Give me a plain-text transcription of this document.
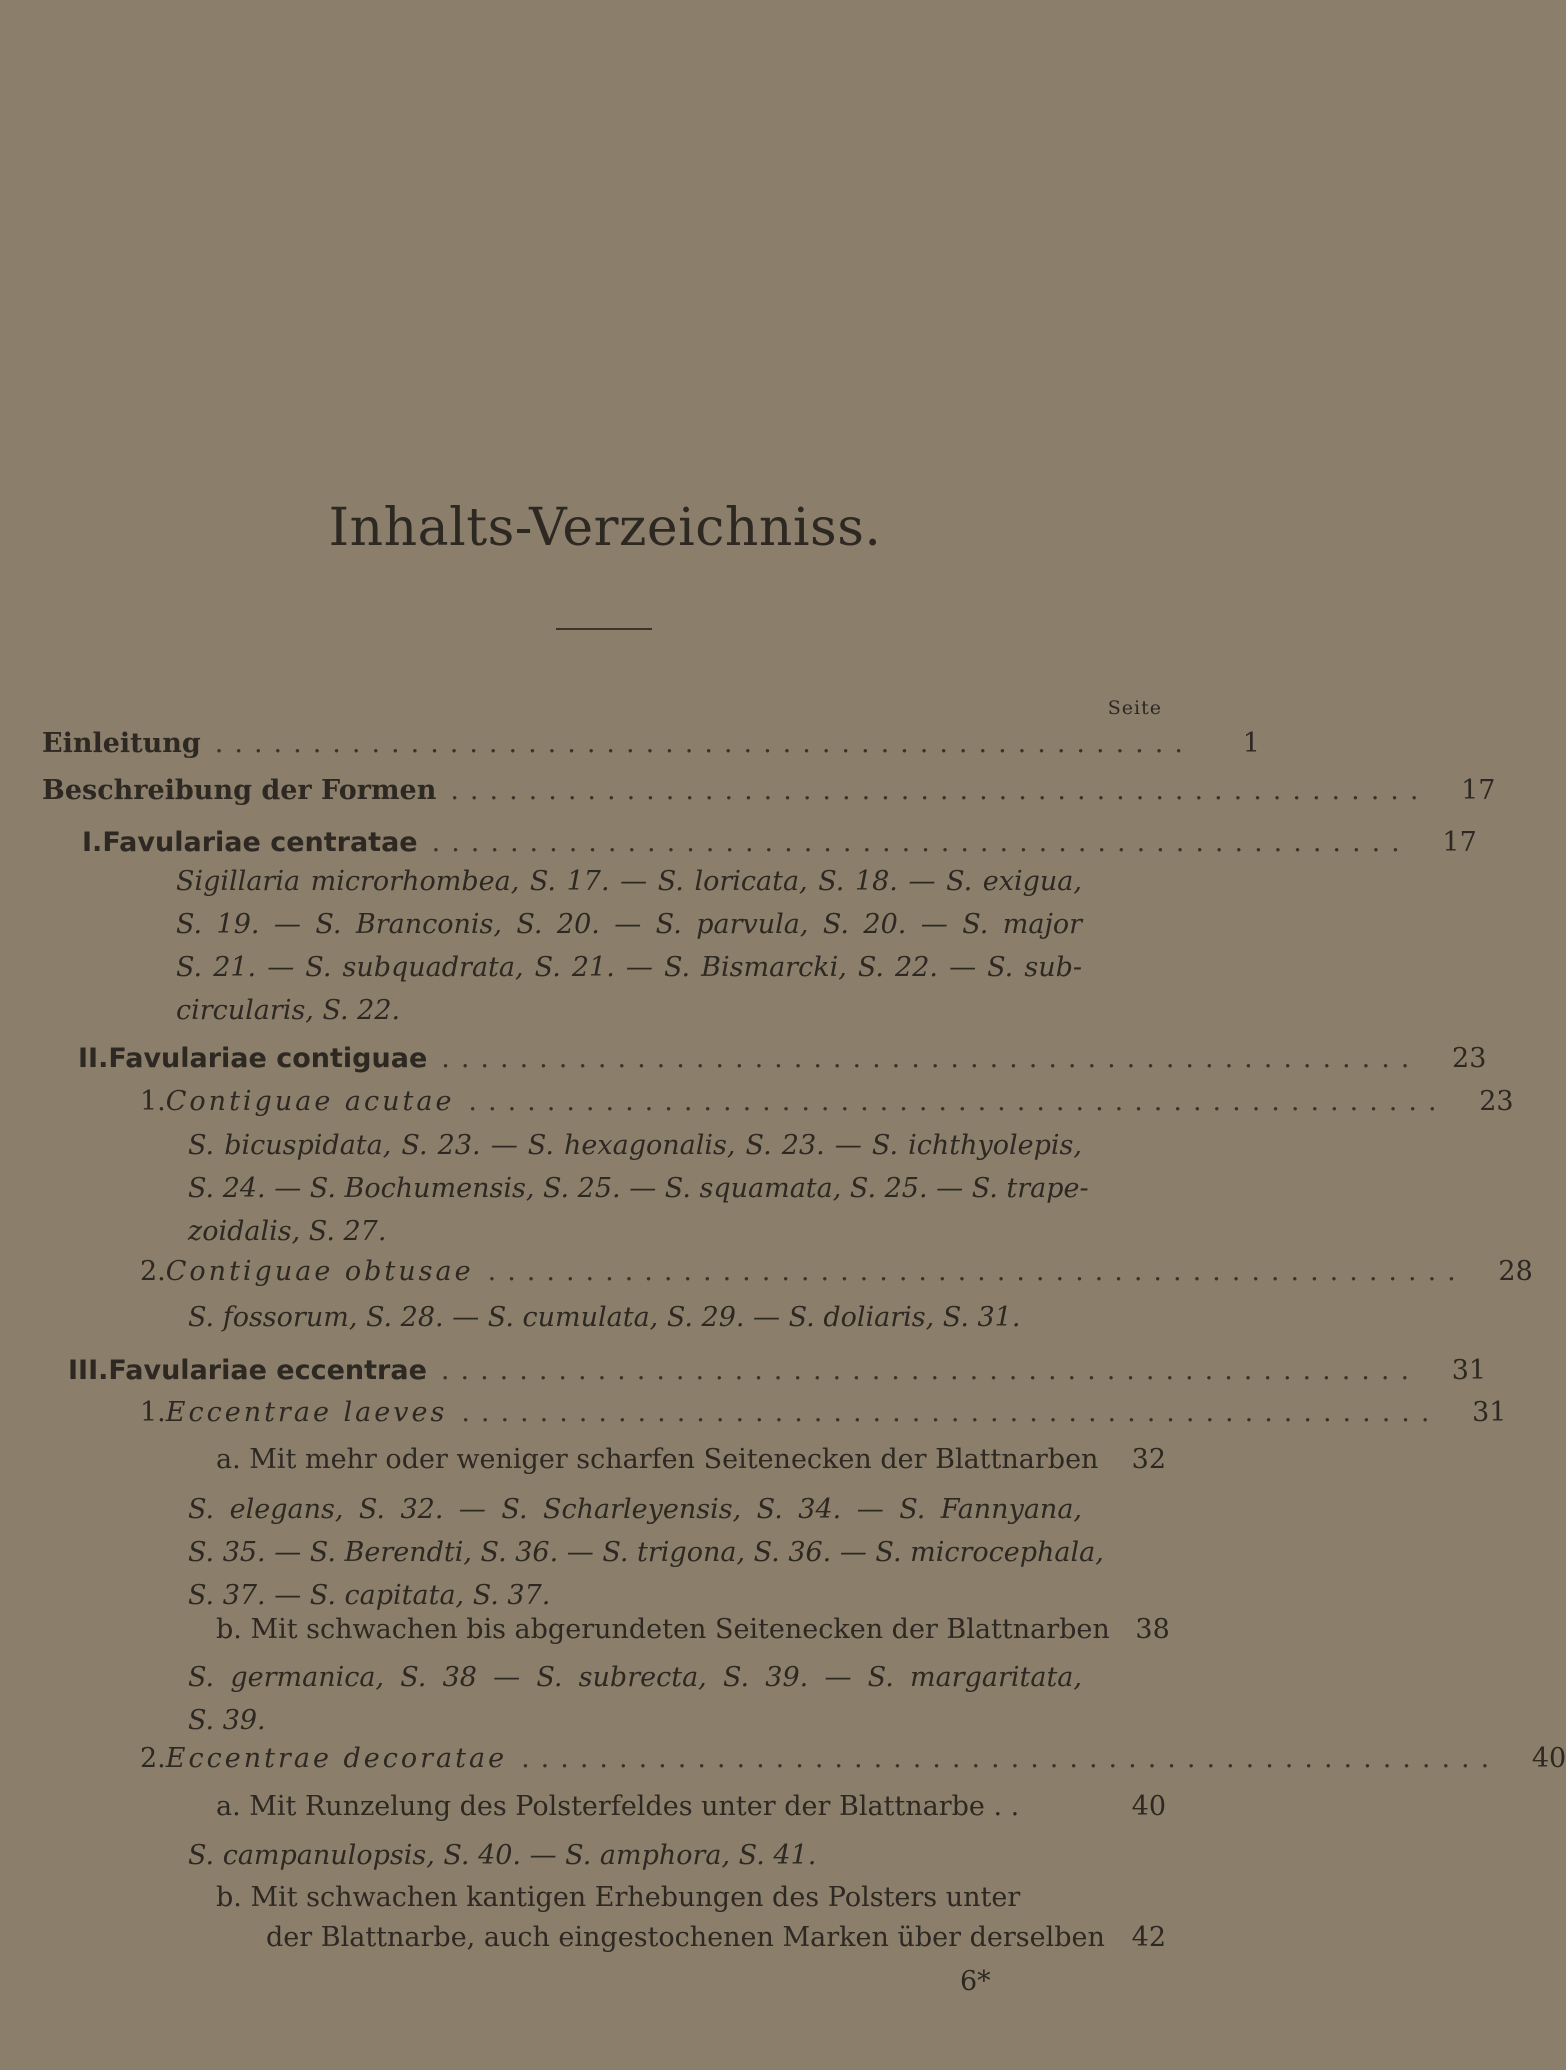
Inhalts-Verzeichniss.
Seite
Einleitung ..................................................	1
Beschreibung der Formen ..................................................	17
I. Favulariae centratae ..................................................	17
Sigillaria microrhombea, S. 17. — S. loricata, S. 18. — S. exigua,
S. 19. — S. Branconis, S. 20. — S. parvula, S. 20. — S. major
S. 21. — S. subquadrata, S. 21. — S. Bismarcki, S. 22. — S. sub-
circularis, S. 22.
II. Favulariae contiguae ..................................................	23
1. Contiguae acutae ..................................................	23
S. bicuspidata, S. 23. — S. hexagonalis, S. 23. — S. ichthyolepis,
S. 24. — S. Bochumensis, S. 25. — S. squamata, S. 25. — S. trape-
zoidalis, S. 27.
2. Contiguae obtusae ..................................................	28
S. fossorum, S. 28. — S. cumulata, S. 29. — S. doliaris, S. 31.
III. Favulariae eccentrae ..................................................	31
1. Eccentrae laeves ..................................................	31
a. Mit mehr oder weniger scharfen Seitenecken der Blattnarben	32
S. elegans, S. 32. — S. Scharleyensis, S. 34. — S. Fannyana,
S. 35. — S. Berendti, S. 36. — S. trigona, S. 36. — S. microcephala,
S. 37. — S. capitata, S. 37.
b. Mit schwachen bis abgerundeten Seitenecken der Blattnarben 38
S. germanica, S. 38 — S. subrecta, S. 39. — S. margaritata,
S. 39.
2. Eccentrae decoratae ..................................................	40
a. Mit Runzelung des Polsterfeldes unter der Blattnarbe . .	40
S. campanulopsis, S. 40. — S. amphora, S. 41.
b. Mit schwachen kantigen Erhebungen des Polsters unter
der Blattnarbe, auch eingestochenen Marken über derselben 42
6*
